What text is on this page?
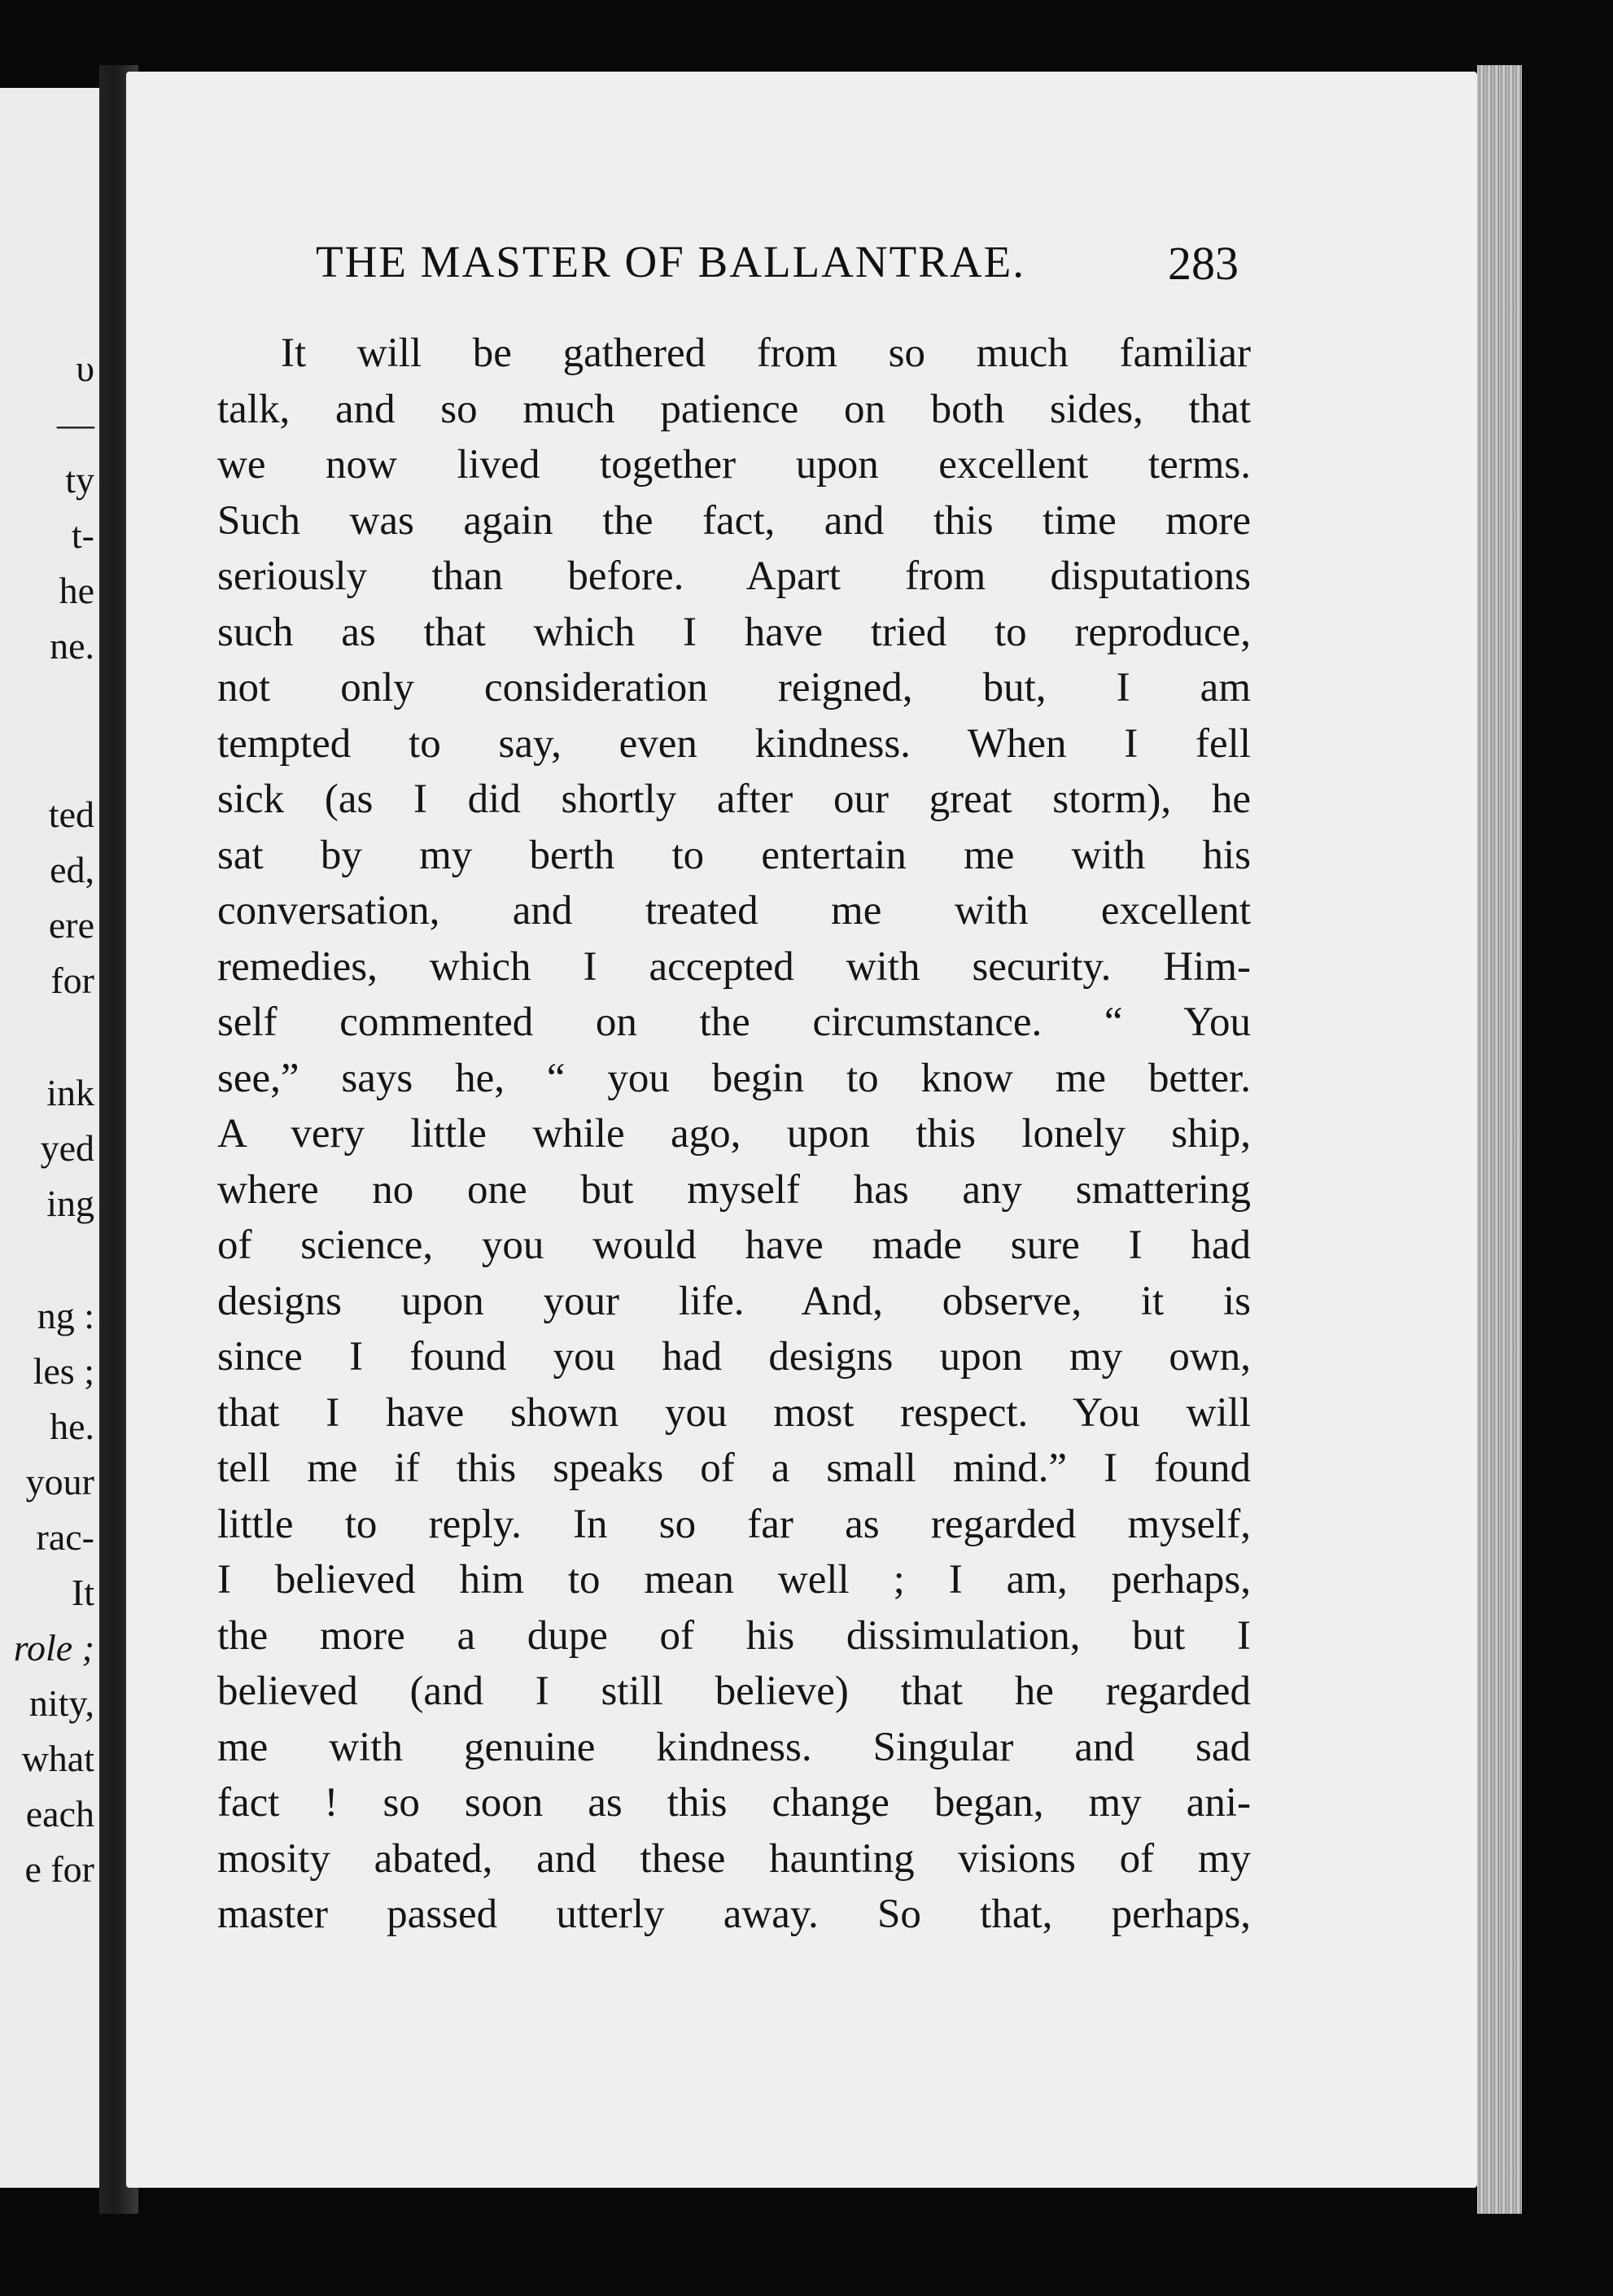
υ
—
ty
t-
he
ne.
ted
ed,
ere
for
ink
yed
ing
ng :
les ;
he.
your
rac-
It
role ;
nity,
what
each
e for
THE MASTER OF BALLANTRAE.	283
It will be gathered from so much familiar
talk, and so much patience on both sides, that
we now lived together upon excellent terms.
Such was again the fact, and this time more
seriously than before. Apart from disputations
such as that which I have tried to reproduce,
not only consideration reigned, but, I am
tempted to say, even kindness. When I fell
sick (as I did shortly after our great storm), he
sat by my berth to entertain me with his
conversation, and treated me with excellent
remedies, which I accepted with security. Him-
self commented on the circumstance. “ You
see,” says he, “ you begin to know me better.
A very little while ago, upon this lonely ship,
where no one but myself has any smattering
of science, you would have made sure I had
designs upon your life. And, observe, it is
since I found you had designs upon my own,
that I have shown you most respect. You will
tell me if this speaks of a small mind.” I found
little to reply. In so far as regarded myself,
I believed him to mean well ; I am, perhaps,
the more a dupe of his dissimulation, but I
believed (and I still believe) that he regarded
me with genuine kindness. Singular and sad
fact ! so soon as this change began, my ani-
mosity abated, and these haunting visions of my
master passed utterly away. So that, perhaps,
